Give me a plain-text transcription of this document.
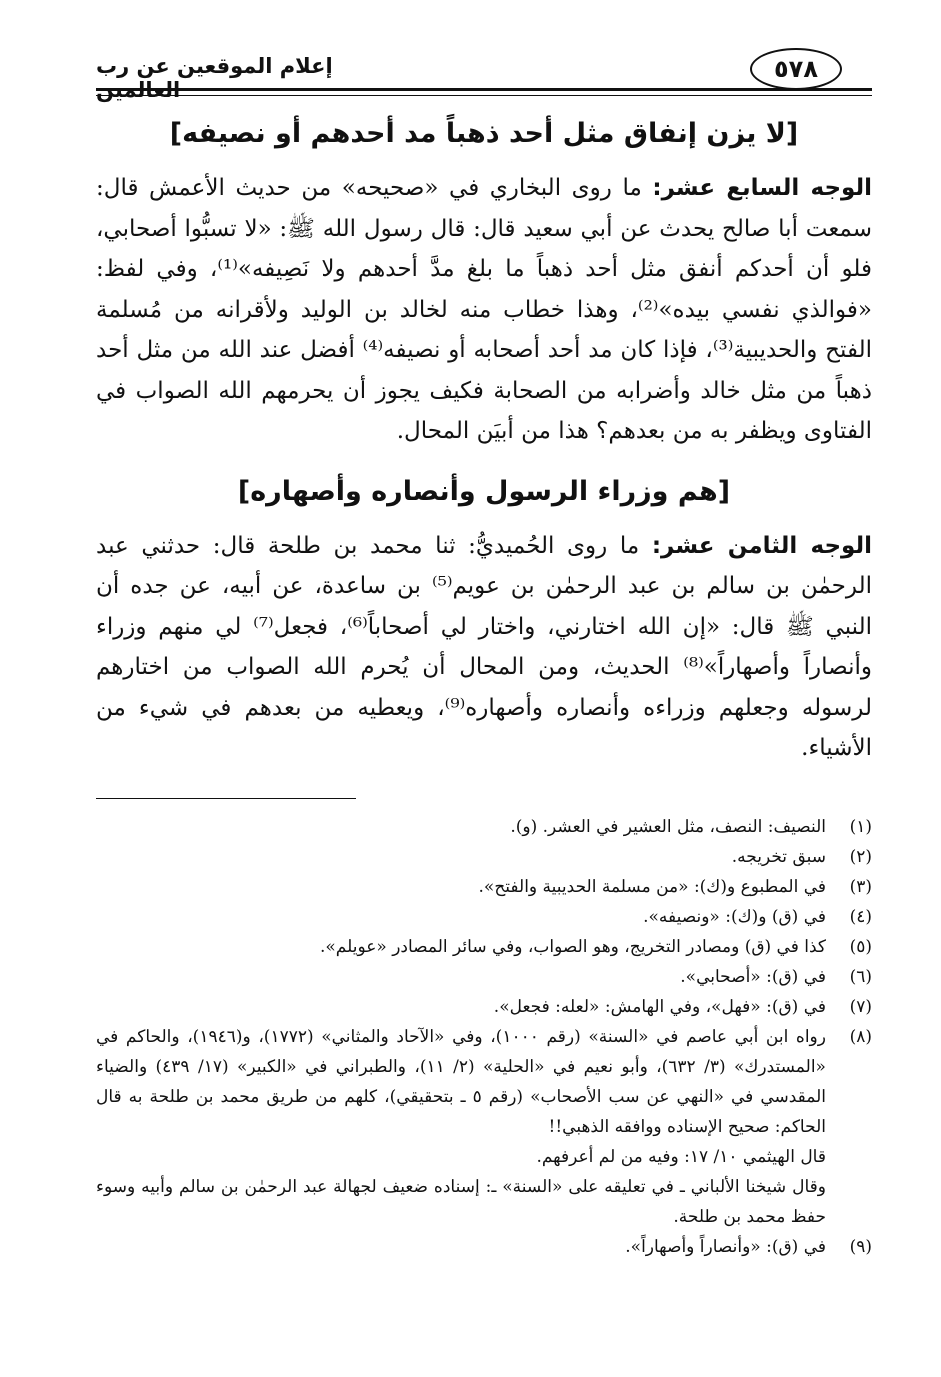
إعلام الموقعين عن رب العالمين
٥٧٨
[لا يزن إنفاق مثل أحد ذهباً مد أحدهم أو نصيفه]

الوجه السابع عشر: ما روى البخاري في «صحيحه» من حديث الأعمش قال: سمعت أبا صالح يحدث عن أبي سعيد قال: قال رسول الله ﷺ: «لا تسبُّوا أصحابي، فلو أن أحدكم أنفق مثل أحد ذهباً ما بلغ مدَّ أحدهم ولا نَصِيفه»⁽¹⁾، وفي لفظ: «فوالذي نفسي بيده»⁽²⁾، وهذا خطاب منه لخالد بن الوليد ولأقرانه من مُسلمة الفتح والحديبية⁽³⁾، فإذا كان مد أحد أصحابه أو نصيفه⁽⁴⁾ أفضل عند الله من مثل أحد ذهباً من مثل خالد وأضرابه من الصحابة فكيف يجوز أن يحرمهم الله الصواب في الفتاوى ويظفر به من بعدهم؟ هذا من أبيَن المحال.

[هم وزراء الرسول وأنصاره وأصهاره]

الوجه الثامن عشر: ما روى الحُميديُّ: ثنا محمد بن طلحة قال: حدثني عبد الرحمٰن بن سالم بن عبد الرحمٰن بن عويم⁽⁵⁾ بن ساعدة، عن أبيه، عن جده أن النبي ﷺ قال: «إن الله اختارني، واختار لي أصحاباً⁽⁶⁾، فجعل⁽⁷⁾ لي منهم وزراء وأنصاراً وأصهاراً»⁽⁸⁾ الحديث، ومن المحال أن يُحرم الله الصواب من اختارهم لرسوله وجعلهم وزراءه وأنصاره وأصهاره⁽⁹⁾، ويعطيه من بعدهم في شيء من الأشياء.

(١)
النصيف: النصف، مثل العشير في العشر. (و).
(٢)
سبق تخريجه.
(٣)
في المطبوع و(ك): «من مسلمة الحديبية والفتح».
(٤)
في (ق) و(ك): «ونصيفه».
(٥)
كذا في (ق) ومصادر التخريج، وهو الصواب، وفي سائر المصادر «عويلم».
(٦)
في (ق): «أصحابي».
(٧)
في (ق): «فهل»، وفي الهامش: «لعله: فجعل».
(٨)
رواه ابن أبي عاصم في «السنة» (رقم ١٠٠٠)، وفي «الآحاد والمثاني» (١٧٧٢)، و(١٩٤٦)، والحاكم في «المستدرك» (٣/ ٦٣٢)، وأبو نعيم في «الحلية» (٢/ ١١)، والطبراني في «الكبير» (١٧/ ٤٣٩) والضياء المقدسي في «النهي عن سب الأصحاب» (رقم ٥ ـ بتحقيقي)، كلهم من طريق محمد بن طلحة به قال الحاكم: صحيح الإسناده ووافقه الذهبي!!
قال الهيثمي ١٠/ ١٧: وفيه من لم أعرفهم.
وقال شيخنا الألباني ـ في تعليقه على «السنة» ـ: إسناده ضعيف لجهالة عبد الرحمٰن بن سالم وأبيه وسوء حفظ محمد بن طلحة.
(٩)
في (ق): «وأنصاراً وأصهاراً».
